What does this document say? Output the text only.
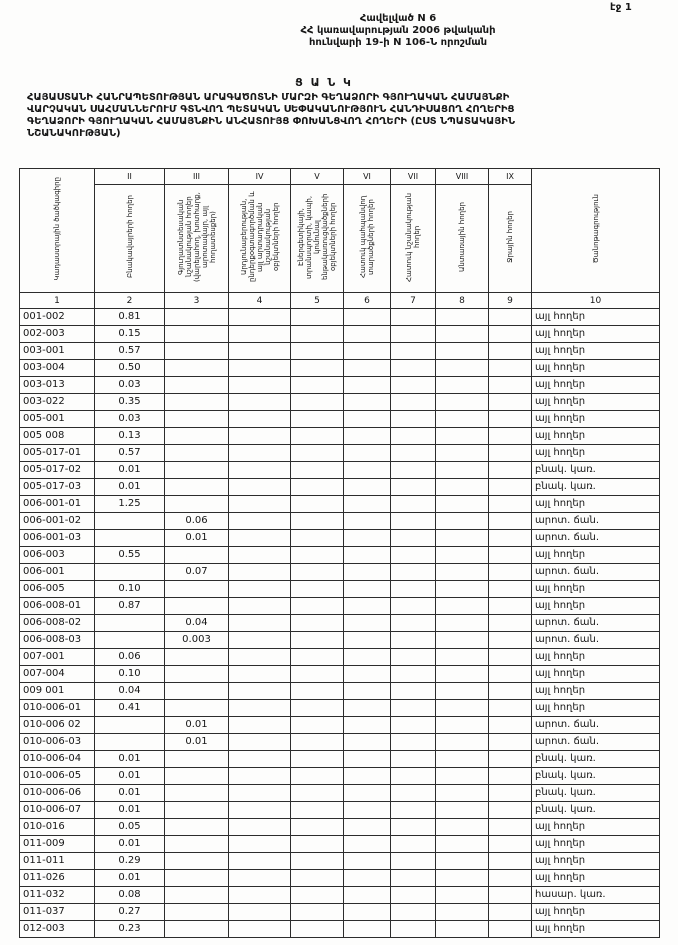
էջ 1
Հավելված N 6
ՀՀ կառավարության 2006 թվականի
հունվարի 19-ի N 106-Ն որոշման
Ց Ա Ն Կ
ՀԱՅԱՍՏԱՆԻ ՀԱՆՐԱՊԵՏՈՒԹՅԱՆ ԱՐԱԳԱԾՈՏՆԻ ՄԱՐԶԻ ԳԵՂԱՁՈՐԻ ԳՅՈՒՂԱԿԱՆ ՀԱՄԱՅՆՔԻ
ՎԱՐՉԱԿԱՆ ՍԱՀՄԱՆՆԵՐՈՒՄ ԳՏՆՎՈՂ ՊԵՏԱԿԱՆ ՍԵՓԱԿԱՆՈՒԹՅՈՒՆ ՀԱՆԴԻՍԱՑՈՂ ՀՈՂԵՐԻՑ
ԳԵՂԱՁՈՐԻ ԳՅՈՒՂԱԿԱՆ ՀԱՄԱՅՆՔԻՆ ԱՆՀԱՏՈՒՅՑ ՓՈԽԱՆՑՎՈՂ ՀՈՂԵՐԻ (ԸՍՏ ՆՊԱՏԱԿԱՅԻՆ
ՆՇԱՆԱԿՈՒԹՅԱՆ)
Կադաստրային ծածկագիրը	II	III	IV	V	VI	VII	VIII	IX	Ծանոթագրություն
	Բնակավայրերի հողեր	Գյուղատնտեսական նշանակության հողեր (վարելահող, խոտհարք, արոտավայր, այլ հողատեսքեր)	Արդյունաբերության, ընդերքօգտագործման և այլ արտադրական նշանակության օբյեկտների հողեր	Էներգետիկայի, տրանսպորտի, կապի, կոմունալ ենթակառուցվածքների օբյեկտների հողեր	Հատուկ պահպանվող տարածքների հողեր	Հատուկ նշանակության հողեր	Անտառային հողեր	Ջրային հողեր	
1	2	3	4	5	6	7	8	9	10
001-002	0.81								այլ հողեր
002-003	0.15								այլ հողեր
003-001	0.57								այլ հողեր
003-004	0.50								այլ հողեր
003-013	0.03								այլ հողեր
003-022	0.35								այլ հողեր
005-001	0.03								այլ հողեր
005 008	0.13								այլ հողեր
005-017-01	0.57								այլ հողեր
005-017-02	0.01								բնակ. կառ.
005-017-03	0.01								բնակ. կառ.
006-001-01	1.25								այլ հողեր
006-001-02		0.06							արոտ. ճան.
006-001-03		0.01							արոտ. ճան.
006-003	0.55								այլ հողեր
006-001		0.07							արոտ. ճան.
006-005	0.10								այլ հողեր
006-008-01	0.87								այլ հողեր
006-008-02		0.04							արոտ. ճան.
006-008-03		0.003							արոտ. ճան.
007-001	0.06								այլ հողեր
007-004	0.10								այլ հողեր
009 001	0.04								այլ հողեր
010-006-01	0.41								այլ հողեր
010-006 02		0.01							արոտ. ճան.
010-006-03		0.01							արոտ. ճան.
010-006-04	0.01								բնակ. կառ.
010-006-05	0.01								բնակ. կառ.
010-006-06	0.01								բնակ. կառ.
010-006-07	0.01								բնակ. կառ.
010-016	0.05								այլ հողեր
011-009	0.01								այլ հողեր
011-011	0.29								այլ հողեր
011-026	0.01								այլ հողեր
011-032	0.08								հասար. կառ.
011-037	0.27								այլ հողեր
012-003	0.23								այլ հողեր
